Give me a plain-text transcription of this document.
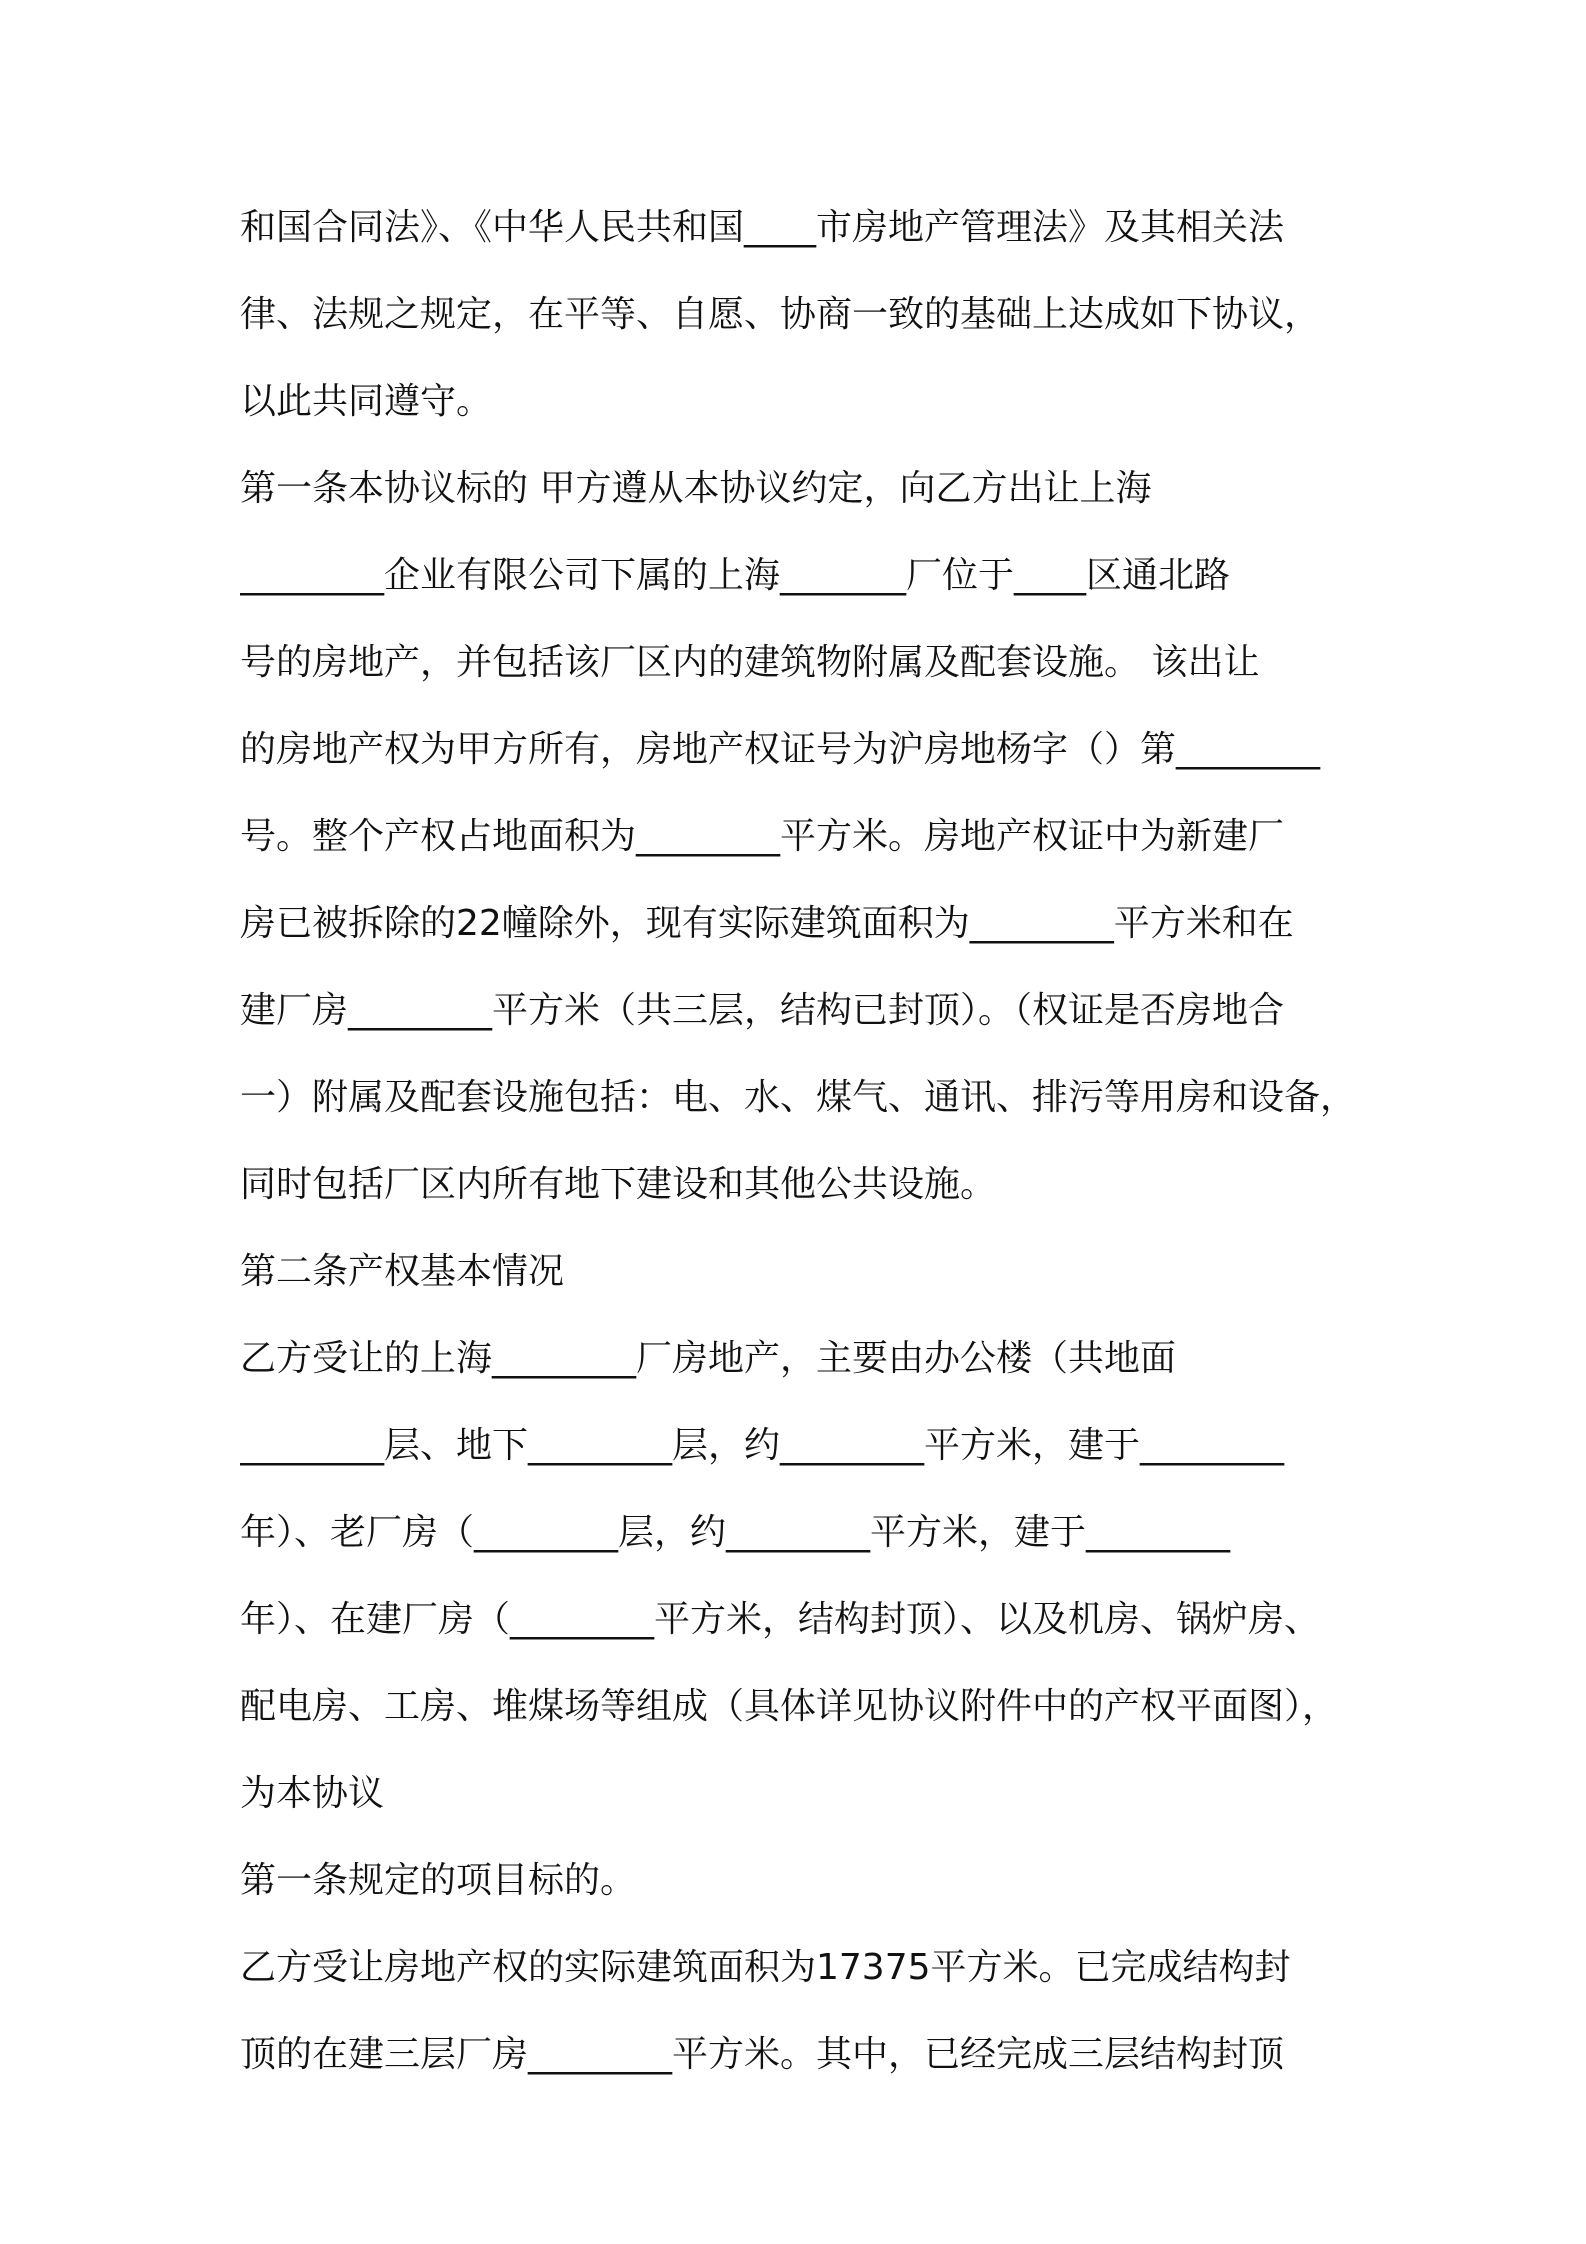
和国合同法》、《中华人民共和国____市房地产管理法》及其相关法
律、法规之规定，在平等、自愿、协商一致的基础上达成如下协议，
以此共同遵守。
第一条本协议标的 甲方遵从本协议约定，向乙方出让上海
________企业有限公司下属的上海_______厂位于____区通北路
号的房地产，并包括该厂区内的建筑物附属及配套设施。 该出让
的房地产权为甲方所有，房地产权证号为沪房地杨字（）第________
号。整个产权占地面积为________平方米。房地产权证中为新建厂
房已被拆除的22幢除外，现有实际建筑面积为________平方米和在
建厂房________平方米（共三层，结构已封顶）。（权证是否房地合
一）附属及配套设施包括：电、水、煤气、通讯、排污等用房和设备，
同时包括厂区内所有地下建设和其他公共设施。
第二条产权基本情况
乙方受让的上海________厂房地产，主要由办公楼（共地面
________层、地下________层，约________平方米，建于________
年）、老厂房（________层，约________平方米，建于________
年）、在建厂房（________平方米，结构封顶）、以及机房、锅炉房、
配电房、工房、堆煤场等组成（具体详见协议附件中的产权平面图），
为本协议
第一条规定的项目标的。
乙方受让房地产权的实际建筑面积为17375平方米。已完成结构封
顶的在建三层厂房________平方米。其中，已经完成三层结构封顶
